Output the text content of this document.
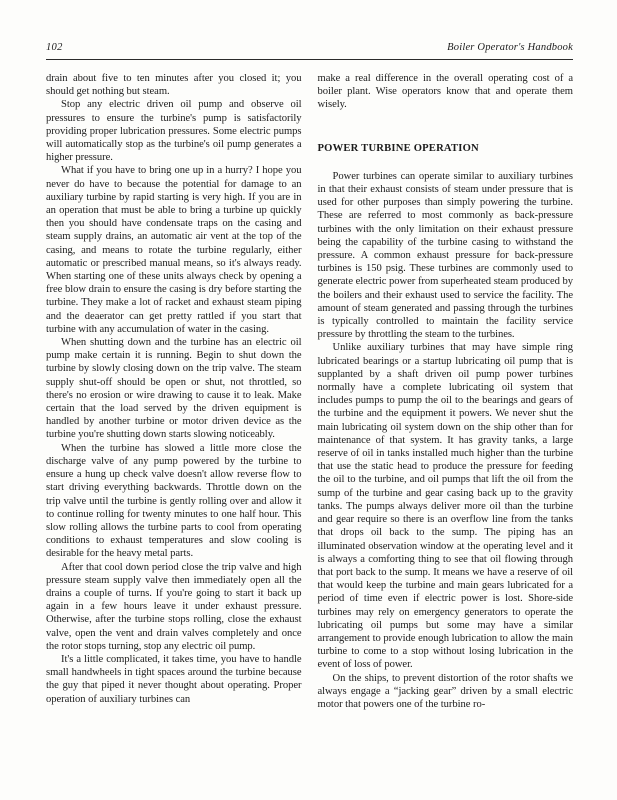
102	Boiler Operator's Handbook

drain about five to ten minutes after you closed it; you should get nothing but steam.

Stop any electric driven oil pump and observe oil pressures to ensure the turbine's pump is satisfactorily providing proper lubrication pressures. Some electric pumps will automatically stop as the turbine's oil pump generates a higher pressure.

What if you have to bring one up in a hurry? I hope you never do have to because the potential for damage to an auxiliary turbine by rapid starting is very high. If you are in an operation that must be able to bring a turbine up quickly then you should have condensate traps on the casing and steam supply drains, an automatic air vent at the top of the casing, and means to rotate the turbine regularly, either automatic or prescribed manual means, so it's always ready. When starting one of these units always check by opening a free blow drain to ensure the casing is dry before starting the turbine. They make a lot of racket and exhaust steam piping and the deaerator can get pretty rattled if you start that turbine with any accumulation of water in the casing.

When shutting down and the turbine has an electric oil pump make certain it is running. Begin to shut down the turbine by slowly closing down on the trip valve. The steam supply shut-off should be open or shut, not throttled, so there's no erosion or wire drawing to cause it to leak. Make certain that the load served by the driven equipment is handled by another turbine or motor driven device as the turbine you're shutting down starts slowing noticeably.

When the turbine has slowed a little more close the discharge valve of any pump powered by the turbine to ensure a hung up check valve doesn't allow reverse flow to start driving everything backwards. Throttle down on the trip valve until the turbine is gently rolling over and allow it to continue rolling for twenty minutes to one half hour. This slow rolling allows the turbine parts to cool from operating conditions to exhaust temperatures and slow cooling is desirable for the heavy metal parts.

After that cool down period close the trip valve and high pressure steam supply valve then immediately open all the drains a couple of turns. If you're going to start it back up again in a few hours leave it under exhaust pressure. Otherwise, after the turbine stops rolling, close the exhaust valve, open the vent and drain valves completely and once the rotor stops turning, stop any electric oil pump.

It's a little complicated, it takes time, you have to handle small handwheels in tight spaces around the turbine because the guy that piped it never thought about operating. Proper operation of auxiliary turbines can

make a real difference in the overall operating cost of a boiler plant. Wise operators know that and operate them wisely.

POWER TURBINE OPERATION

Power turbines can operate similar to auxiliary turbines in that their exhaust consists of steam under pressure that is used for other purposes than simply powering the turbine. These are referred to most commonly as back-pressure turbines with the only limitation on their exhaust pressure being the capability of the turbine casing to withstand the pressure. A common exhaust pressure for back-pressure turbines is 150 psig. These turbines are commonly used to generate electric power from superheated steam produced by the boilers and their exhaust used to service the facility. The amount of steam generated and passing through the turbines is typically controlled to maintain the facility service pressure by throttling the steam to the turbines.

Unlike auxiliary turbines that may have simple ring lubricated bearings or a startup lubricating oil pump that is supplanted by a shaft driven oil pump power turbines normally have a complete lubricating oil system that includes pumps to pump the oil to the bearings and gears of the turbine and the equipment it powers. We never shut the main lubricating oil system down on the ship other than for maintenance of that system. It has gravity tanks, a large reserve of oil in tanks installed much higher than the turbine that use the static head to produce the pressure for feeding the oil to the turbine, and oil pumps that lift the oil from the sump of the turbine and gear casing back up to the gravity tanks. The pumps always deliver more oil than the turbine and gear require so there is an overflow line from the tanks that drops oil back to the sump. The piping has an illuminated observation window at the operating level and it is always a comforting thing to see that oil flowing through that port back to the sump. It means we have a reserve of oil that would keep the turbine and main gears lubricated for a period of time even if electric power is lost. Shore-side turbines may rely on emergency generators to operate the lubricating oil pumps but some may have a similar arrangement to provide enough lubrication to allow the main turbine to come to a stop without losing lubrication in the event of loss of power.

On the ships, to prevent distortion of the rotor shafts we always engage a “jacking gear” driven by a small electric motor that powers one of the turbine ro-
